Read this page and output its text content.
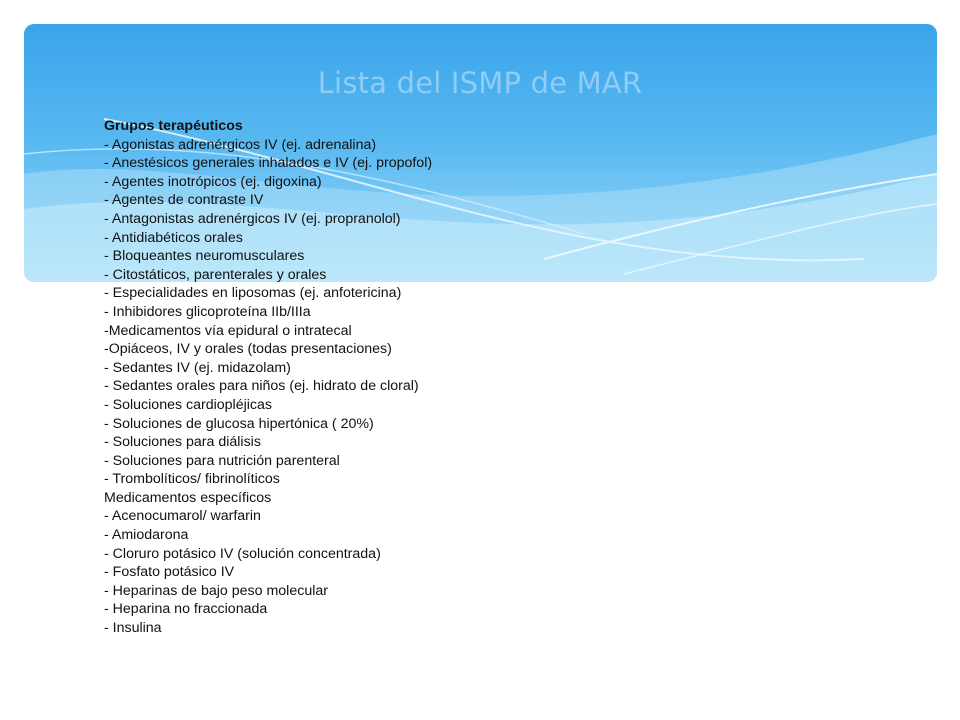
Lista del ISMP de MAR
Grupos terapéuticos
- Agonistas adrenérgicos IV (ej. adrenalina)
- Anestésicos generales inhalados e IV (ej. propofol)
- Agentes inotrópicos (ej. digoxina)
- Agentes de contraste IV
- Antagonistas adrenérgicos IV (ej. propranolol)
- Antidiabéticos orales
- Bloqueantes neuromusculares
- Citostáticos, parenterales y orales
- Especialidades en liposomas (ej. anfotericina)
- Inhibidores glicoproteína IIb/IIIa
-Medicamentos vía epidural o intratecal
-Opiáceos, IV y orales (todas presentaciones)
- Sedantes IV (ej. midazolam)
- Sedantes orales para niños (ej. hidrato de cloral)
- Soluciones cardiopléjicas
- Soluciones de glucosa hipertónica ( 20%)
- Soluciones para diálisis
- Soluciones para nutrición parenteral
- Trombolíticos/ fibrinolíticos
Medicamentos específicos
- Acenocumarol/ warfarin
- Amiodarona
- Cloruro potásico IV (solución concentrada)
- Fosfato potásico IV
- Heparinas de bajo peso molecular
- Heparina no fraccionada
- Insulina
